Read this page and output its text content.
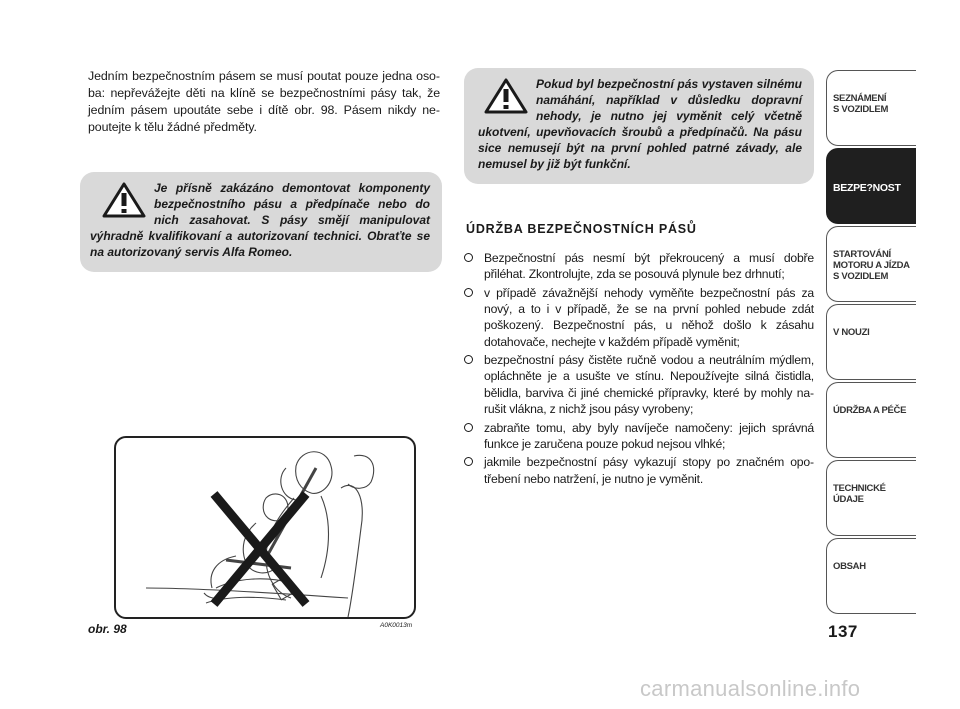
Jedním bezpečnostním pásem se musí poutat pouze jedna osoba: nepřevážejte děti na klíně se bezpečnostními pásy tak, že jedním pásem upoutáte sebe i dítě obr. 98. Pásem nikdy nepoutejte k tělu žádné předměty.
Je přísně zakázáno demontovat komponenty bezpečnostního pásu a předpínače nebo do nich zasahovat. S pásy smějí manipulovat výhradně kvalifikovaní a autorizovaní technici. Obraťte se na autorizovaný servis Alfa Romeo.
Pokud byl bezpečnostní pás vystaven silnému namáhání, například v důsledku dopravní nehody, je nutno jej vyměnit celý včetně ukotvení, upevňovacích šroubů a předpínačů. Na pásu sice nemusejí být na první pohled patrné závady, ale nemusel by již být funkční.
ÚDRŽBA BEZPEČNOSTNÍCH PÁSŮ
Bezpečnostní pás nesmí být překroucený a musí dobře přiléhat. Zkontrolujte, zda se posouvá plynule bez drhnutí;
v případě závažnější nehody vyměňte bezpečnostní pás za nový, a to i v případě, že se na první pohled nebude zdát poškozený. Bezpečnostní pás, u něhož došlo k zásahu dotahovače, nechejte v každém případě vyměnit;
bezpečnostní pásy čistěte ručně vodou a neutrálním mýdlem, opláchněte je a usušte ve stínu. Nepoužívejte silná čistidla, bělidla, barviva či jiné chemické přípravky, které by mohly narušit vlákna, z nichž jsou pásy vyrobeny;
zabraňte tomu, aby byly navíječe namočeny: jejich správná funkce je zaručena pouze pokud nejsou vlhké;
jakmile bezpečnostní pásy vykazují stopy po značném opotřebení nebo natržení, je nutno je vyměnit.
obr. 98	A0K0013m
SEZNÁMENÍ
S VOZIDLEM
BEZPE?NOST
STARTOVÁNÍ
MOTORU A JÍZDA
S VOZIDLEM
V NOUZI
ÚDRŽBA A PÉČE
TECHNICKÉ
ÚDAJE
OBSAH
137
carmanualsonline.info
